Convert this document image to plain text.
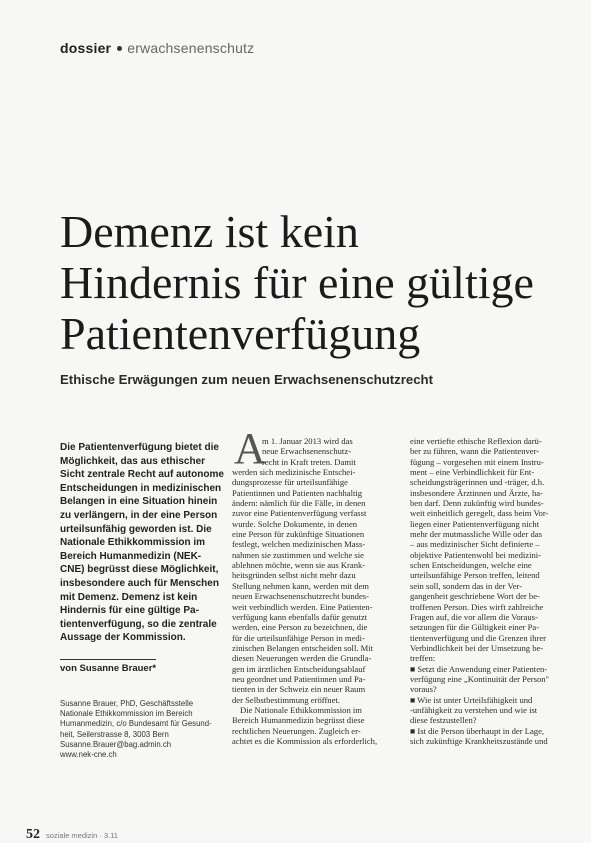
dossier erwachsenenschutz
Demenz ist kein
Hindernis für eine gültige
Patientenverfügung
Ethische Erwägungen zum neuen Erwachsenenschutzrecht
Die Patientenverfügung bietet die
Möglichkeit, das aus ethischer
Sicht zentrale Recht auf autonome
Entscheidungen in medizinischen
Belangen in eine Situation hinein
zu verlängern, in der eine Person
urteilsunfähig geworden ist. Die
Nationale Ethikkommission im
Bereich Humanmedizin (NEK-
CNE) begrüsst diese Möglichkeit,
insbesondere auch für Menschen
mit Demenz. Demenz ist kein
Hindernis für eine gültige Pa-
tientenverfügung, so die zentrale
Aussage der Kommission.
von Susanne Brauer*
Susanne Brauer, PhD, Geschäftsstelle
Nationale Ethikkommission im Bereich
Humanmedizin, c/o Bundesamt für Gesund-
heit, Seilerstrasse 8, 3003 Bern
Susanne.Brauer@bag.admin.ch
www.nek-cne.ch
A
m 1. Januar 2013 wird das
neue Erwachsenenschutz-
recht in Kraft treten. Damit
werden sich medizinische Entschei-
dungsprozesse für urteilsunfähige
Patientinnen und Patienten nachhaltig
ändern: nämlich für die Fälle, in denen
zuvor eine Patientenverfügung verfasst
wurde. Solche Dokumente, in denen
eine Person für zukünftige Situationen
festlegt, welchen medizinischen Mass-
nahmen sie zustimmen und welche sie
ablehnen möchte, wenn sie aus Krank-
heitsgründen selbst nicht mehr dazu
Stellung nehmen kann, werden mit dem
neuen Erwachsenenschutzrecht bundes-
weit verbindlich werden. Eine Patienten-
verfügung kann ebenfalls dafür genutzt
werden, eine Person zu bezeichnen, die
für die urteilsunfähige Person in medi-
zinischen Belangen entscheiden soll. Mit
diesen Neuerungen werden die Grundla-
gen im ärztlichen Entscheidungsablauf
neu geordnet und Patientinnen und Pa-
tienten in der Schweiz ein neuer Raum
der Selbstbestimmung eröffnet.
Die Nationale Ethikkommission im
Bereich Humanmedizin begrüsst diese
rechtlichen Neuerungen. Zugleich er-
achtet es die Kommission als erforderlich,
eine vertiefte ethische Reflexion darü-
ber zu führen, wann die Patientenver-
fügung – vorgesehen mit einem Instru-
ment – eine Verbindlichkeit für Ent-
scheidungsträgerinnen und -träger, d.h.
insbesondere Ärztinnen und Ärzte, ha-
ben darf. Denn zukünftig wird bundes-
weit einheitlich geregelt, dass beim Vor-
liegen einer Patientenverfügung nicht
mehr der mutmassliche Wille oder das
– aus medizinischer Sicht definierte –
objektive Patientenwohl bei medizini-
schen Entscheidungen, welche eine
urteilsunfähige Person treffen, leitend
sein soll, sondern das in der Ver-
gangenheit geschriebene Wort der be-
troffenen Person. Dies wirft zahlreiche
Fragen auf, die vor allem die Voraus-
setzungen für die Gültigkeit einer Pa-
tientenverfügung und die Grenzen ihrer
Verbindlichkeit bei der Umsetzung be-
treffen:
■ Setzt die Anwendung einer Patienten-
verfügung eine „Kontinuität der Person"
voraus?
■ Wie ist unter Urteilsfähigkeit und
-unfähigkeit zu verstehen und wie ist
diese festzustellen?
■ Ist die Person überhaupt in der Lage,
sich zukünftige Krankheitszustände und
52 soziale medizin · 3.11
